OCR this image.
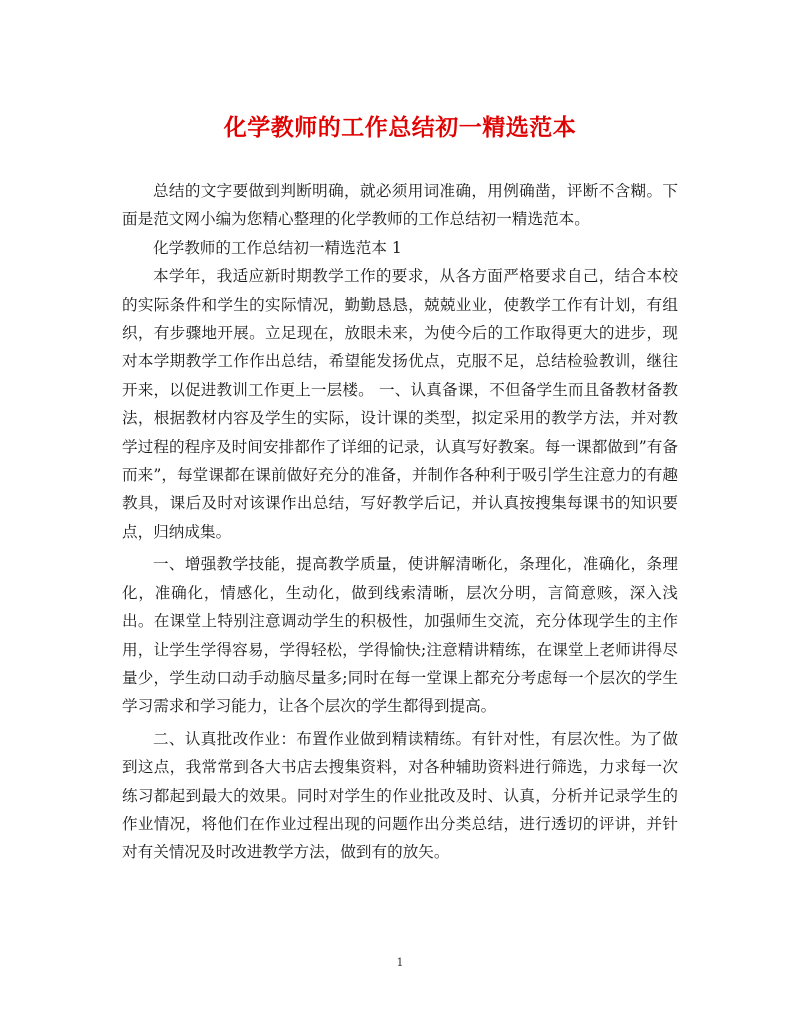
化学教师的工作总结初一精选范本

总结的文字要做到判断明确，就必须用词准确，用例确凿，评断不含糊。下面是范文网小编为您精心整理的化学教师的工作总结初一精选范本。

化学教师的工作总结初一精选范本 1

本学年，我适应新时期教学工作的要求，从各方面严格要求自己，结合本校的实际条件和学生的实际情况，勤勤恳恳，兢兢业业，使教学工作有计划，有组织，有步骤地开展。立足现在，放眼未来，为使今后的工作取得更大的进步，现对本学期教学工作作出总结，希望能发扬优点，克服不足，总结检验教训，继往开来，以促进教训工作更上一层楼。 一、认真备课，不但备学生而且备教材备教法，根据教材内容及学生的实际，设计课的类型，拟定采用的教学方法，并对教学过程的程序及时间安排都作了详细的记录，认真写好教案。每一课都做到”有备而来”，每堂课都在课前做好充分的准备，并制作各种利于吸引学生注意力的有趣教具，课后及时对该课作出总结，写好教学后记，并认真按搜集每课书的知识要点，归纳成集。

一、增强教学技能，提高教学质量，使讲解清晰化，条理化，准确化，条理化，准确化，情感化，生动化，做到线索清晰，层次分明，言简意赅，深入浅出。在课堂上特别注意调动学生的积极性，加强师生交流，充分体现学生的主作用，让学生学得容易，学得轻松，学得愉快;注意精讲精练，在课堂上老师讲得尽量少，学生动口动手动脑尽量多;同时在每一堂课上都充分考虑每一个层次的学生学习需求和学习能力，让各个层次的学生都得到提高。

二、认真批改作业：布置作业做到精读精练。有针对性，有层次性。为了做到这点，我常常到各大书店去搜集资料，对各种辅助资料进行筛选，力求每一次练习都起到最大的效果。同时对学生的作业批改及时、认真，分析并记录学生的作业情况，将他们在作业过程出现的问题作出分类总结，进行透切的评讲，并针对有关情况及时改进教学方法，做到有的放矢。

1
